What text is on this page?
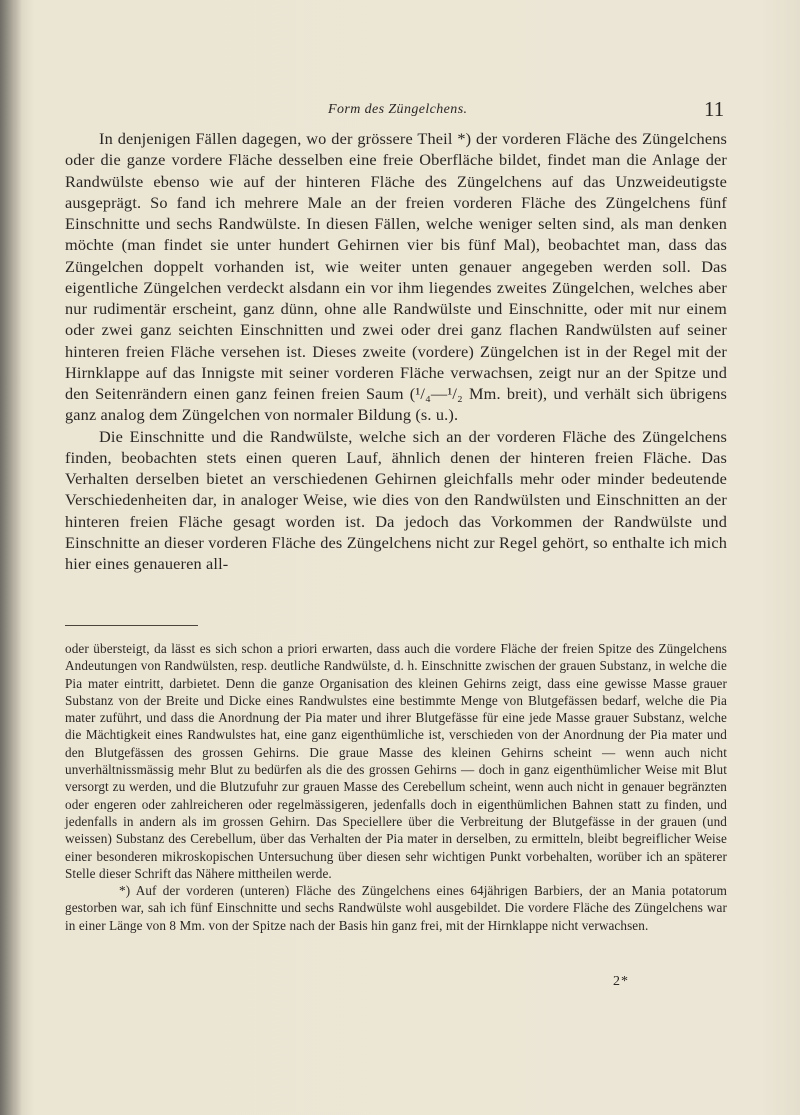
Form des Züngelchens.	11

In denjenigen Fällen dagegen, wo der grössere Theil *) der vorderen Fläche des Züngelchens oder die ganze vordere Fläche desselben eine freie Oberfläche bildet, findet man die Anlage der Randwülste ebenso wie auf der hinteren Fläche des Züngelchens auf das Unzweideutigste ausgeprägt. So fand ich mehrere Male an der freien vorderen Fläche des Züngelchens fünf Einschnitte und sechs Randwülste. In diesen Fällen, welche weniger selten sind, als man denken möchte (man findet sie unter hundert Gehirnen vier bis fünf Mal), beobachtet man, dass das Züngelchen doppelt vorhanden ist, wie weiter unten genauer angegeben werden soll. Das eigentliche Züngelchen verdeckt alsdann ein vor ihm liegendes zweites Züngelchen, welches aber nur rudimentär erscheint, ganz dünn, ohne alle Randwülste und Einschnitte, oder mit nur einem oder zwei ganz seichten Einschnitten und zwei oder drei ganz flachen Randwülsten auf seiner hinteren freien Fläche versehen ist. Dieses zweite (vordere) Züngelchen ist in der Regel mit der Hirnklappe auf das Innigste mit seiner vorderen Fläche verwachsen, zeigt nur an der Spitze und den Seitenrändern einen ganz feinen freien Saum (¹/₄—¹/₂ Mm. breit), und verhält sich übrigens ganz analog dem Züngelchen von normaler Bildung (s. u.).

Die Einschnitte und die Randwülste, welche sich an der vorderen Fläche des Züngelchens finden, beobachten stets einen queren Lauf, ähnlich denen der hinteren freien Fläche. Das Verhalten derselben bietet an verschiedenen Gehirnen gleichfalls mehr oder minder bedeutende Verschiedenheiten dar, in analoger Weise, wie dies von den Randwülsten und Einschnitten an der hinteren freien Fläche gesagt worden ist. Da jedoch das Vorkommen der Randwülste und Einschnitte an dieser vorderen Fläche des Züngelchens nicht zur Regel gehört, so enthalte ich mich hier eines genaueren all-

oder übersteigt, da lässt es sich schon a priori erwarten, dass auch die vordere Fläche der freien Spitze des Züngelchens Andeutungen von Randwülsten, resp. deutliche Randwülste, d. h. Einschnitte zwischen der grauen Substanz, in welche die Pia mater eintritt, darbietet. Denn die ganze Organisation des kleinen Gehirns zeigt, dass eine gewisse Masse grauer Substanz von der Breite und Dicke eines Randwulstes eine bestimmte Menge von Blutgefässen bedarf, welche die Pia mater zuführt, und dass die Anordnung der Pia mater und ihrer Blutgefässe für eine jede Masse grauer Substanz, welche die Mächtigkeit eines Randwulstes hat, eine ganz eigenthümliche ist, verschieden von der Anordnung der Pia mater und den Blutgefässen des grossen Gehirns. Die graue Masse des kleinen Gehirns scheint — wenn auch nicht unverhältnissmässig mehr Blut zu bedürfen als die des grossen Gehirns — doch in ganz eigenthümlicher Weise mit Blut versorgt zu werden, und die Blutzufuhr zur grauen Masse des Cerebellum scheint, wenn auch nicht in genauer begränzten oder engeren oder zahlreicheren oder regelmässigeren, jedenfalls doch in eigenthümlichen Bahnen statt zu finden, und jedenfalls in andern als im grossen Gehirn. Das Speciellere über die Verbreitung der Blutgefässe in der grauen (und weissen) Substanz des Cerebellum, über das Verhalten der Pia mater in derselben, zu ermitteln, bleibt begreiflicher Weise einer besonderen mikroskopischen Untersuchung über diesen sehr wichtigen Punkt vorbehalten, worüber ich an späterer Stelle dieser Schrift das Nähere mittheilen werde.

*) Auf der vorderen (unteren) Fläche des Züngelchens eines 64jährigen Barbiers, der an Mania potatorum gestorben war, sah ich fünf Einschnitte und sechs Randwülste wohl ausgebildet. Die vordere Fläche des Züngelchens war in einer Länge von 8 Mm. von der Spitze nach der Basis hin ganz frei, mit der Hirnklappe nicht verwachsen.

2*
